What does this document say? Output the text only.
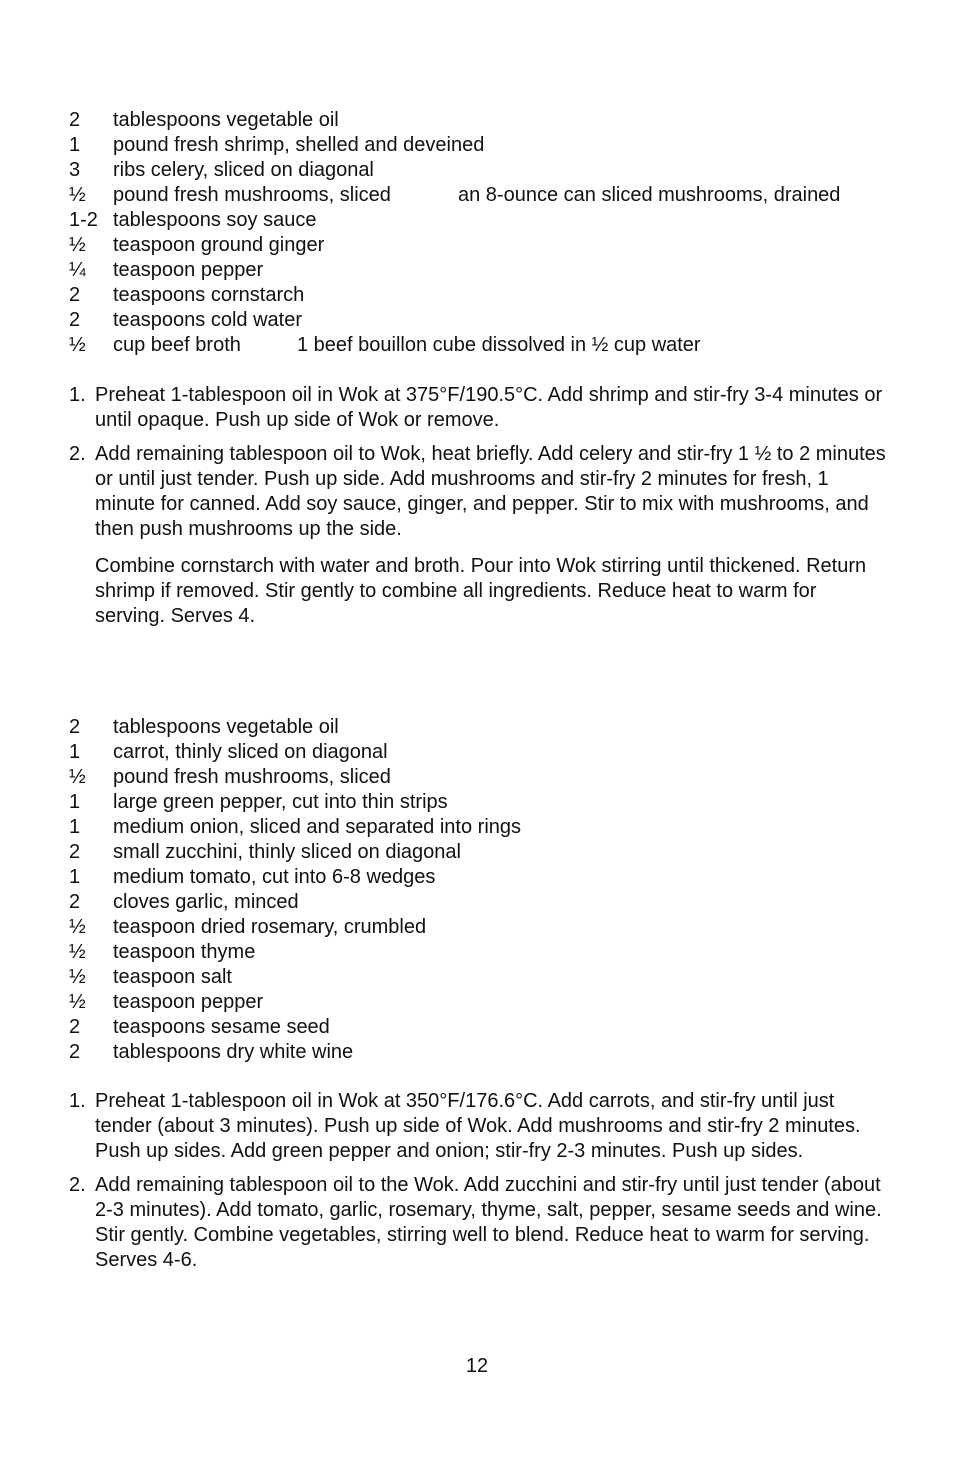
2 tablespoons vegetable oil
1 pound fresh shrimp, shelled and deveined
3 ribs celery, sliced on diagonal
½ pound fresh mushrooms, sliced	an 8-ounce can sliced mushrooms, drained
1-2 tablespoons soy sauce
½ teaspoon ground ginger
¼ teaspoon pepper
2 teaspoons cornstarch
2 teaspoons cold water
½ cup beef broth	1 beef bouillon cube dissolved in ½ cup water
1. Preheat 1-tablespoon oil in Wok at 375°F/190.5°C. Add shrimp and stir-fry 3-4 minutes or until opaque. Push up side of Wok or remove.

2. Add remaining tablespoon oil to Wok, heat briefly. Add celery and stir-fry 1 ½ to 2 minutes or until just tender. Push up side. Add mushrooms and stir-fry 2 minutes for fresh, 1 minute for canned. Add soy sauce, ginger, and pepper. Stir to mix with mushrooms, and then push mushrooms up the side.

Combine cornstarch with water and broth. Pour into Wok stirring until thickened. Return shrimp if removed. Stir gently to combine all ingredients. Reduce heat to warm for serving. Serves 4.

2 tablespoons vegetable oil
1 carrot, thinly sliced on diagonal
½ pound fresh mushrooms, sliced
1 large green pepper, cut into thin strips
1 medium onion, sliced and separated into rings
2 small zucchini, thinly sliced on diagonal
1 medium tomato, cut into 6-8 wedges
2 cloves garlic, minced
½ teaspoon dried rosemary, crumbled
½ teaspoon thyme
½ teaspoon salt
½ teaspoon pepper
2 teaspoons sesame seed
2 tablespoons dry white wine
1. Preheat 1-tablespoon oil in Wok at 350°F/176.6°C. Add carrots, and stir-fry until just tender (about 3 minutes). Push up side of Wok. Add mushrooms and stir-fry 2 minutes. Push up sides. Add green pepper and onion; stir-fry 2-3 minutes. Push up sides.

2. Add remaining tablespoon oil to the Wok. Add zucchini and stir-fry until just tender (about 2-3 minutes). Add tomato, garlic, rosemary, thyme, salt, pepper, sesame seeds and wine. Stir gently. Combine vegetables, stirring well to blend. Reduce heat to warm for serving. Serves 4-6.

12
